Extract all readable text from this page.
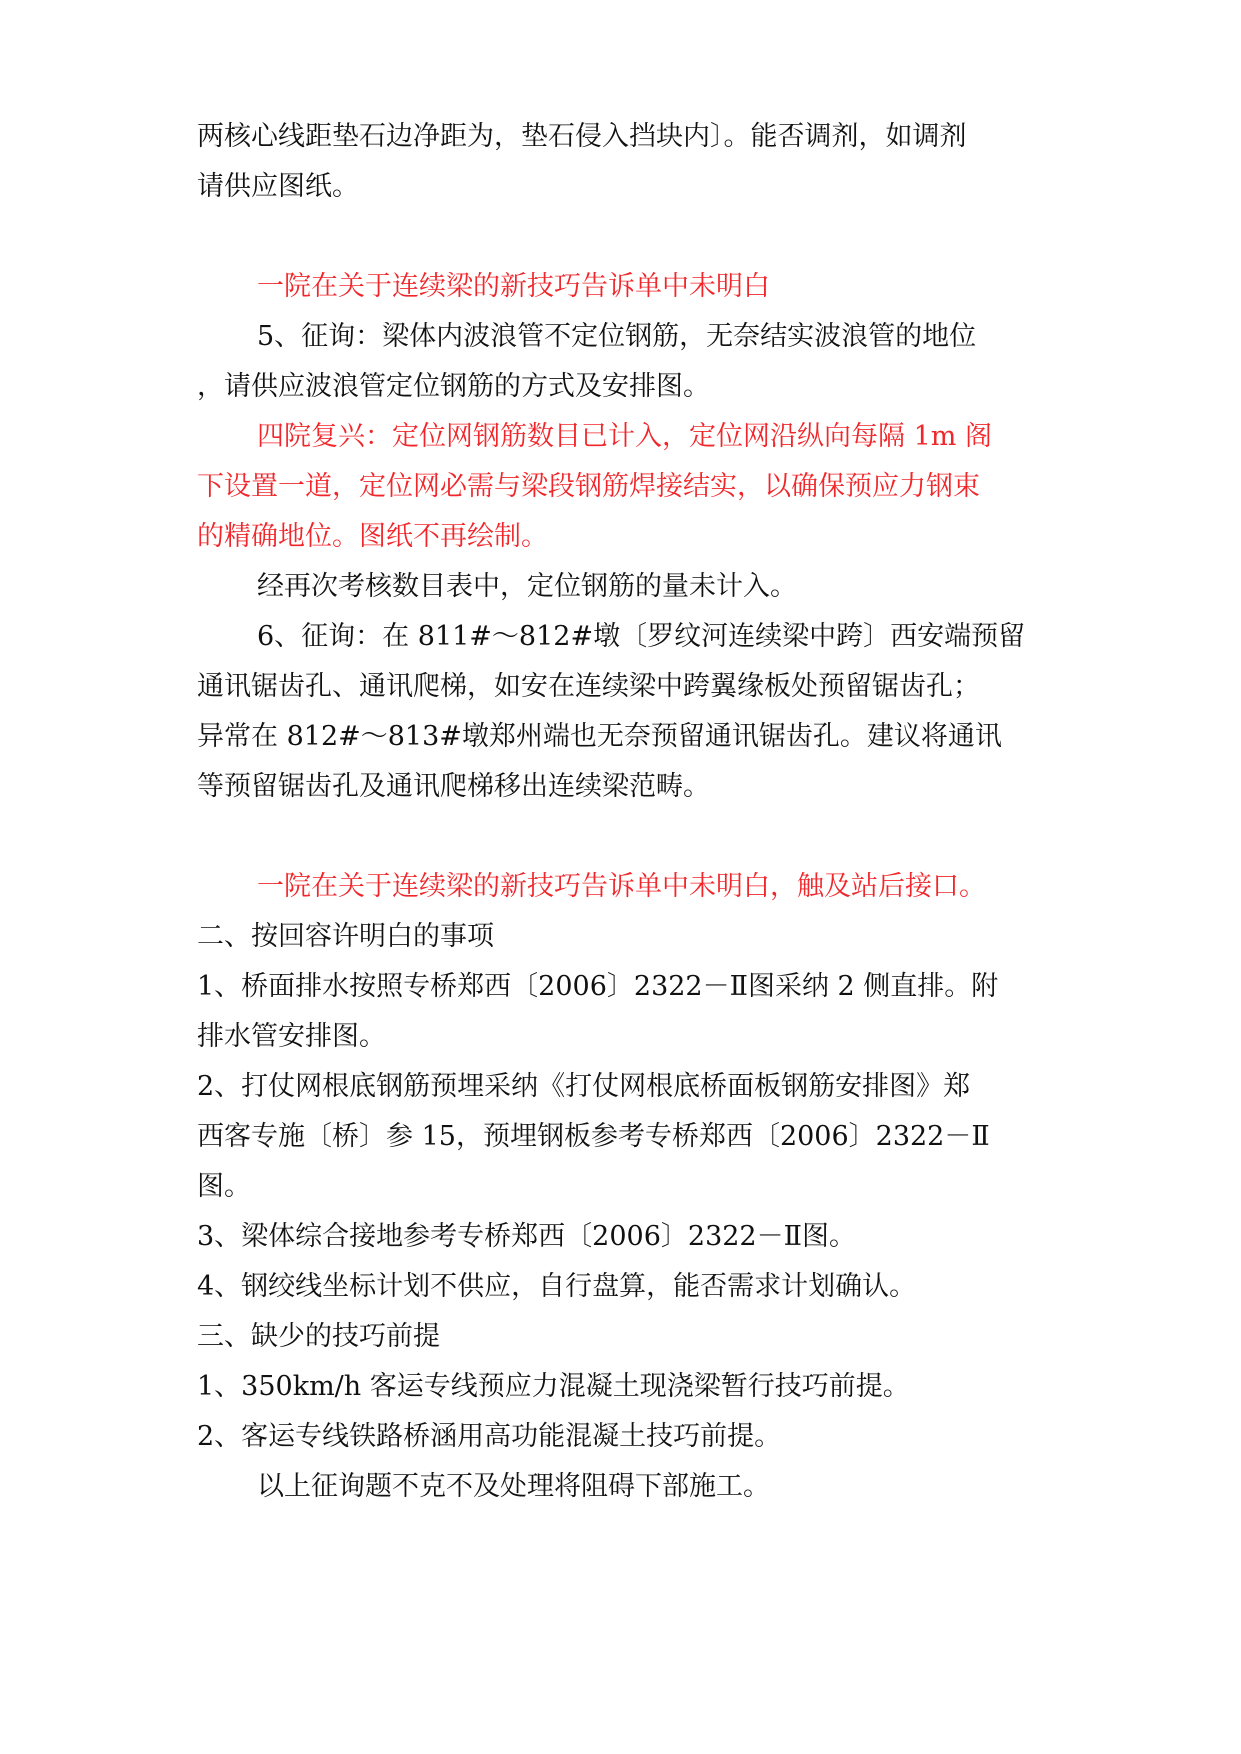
两核心线距垫石边净距为，垫石侵入挡块内〕。能否调剂，如调剂
请供应图纸。
一院在关于连续梁的新技巧告诉单中未明白
5、征询：梁体内波浪管不定位钢筋，无奈结实波浪管的地位
，请供应波浪管定位钢筋的方式及安排图。
四院复兴：定位网钢筋数目已计入，定位网沿纵向每隔 1m 阁
下设置一道，定位网必需与梁段钢筋焊接结实，以确保预应力钢束
的精确地位。图纸不再绘制。
经再次考核数目表中，定位钢筋的量未计入。
6、征询：在 811#～812#墩〔罗纹河连续梁中跨〕西安端预留
通讯锯齿孔、通讯爬梯，如安在连续梁中跨翼缘板处预留锯齿孔；
异常在 812#～813#墩郑州端也无奈预留通讯锯齿孔。建议将通讯
等预留锯齿孔及通讯爬梯移出连续梁范畴。
一院在关于连续梁的新技巧告诉单中未明白，触及站后接口。
二、按回容许明白的事项
1、桥面排水按照专桥郑西〔2006〕2322－Ⅱ图采纳 2 侧直排。附
排水管安排图。
2、打仗网根底钢筋预埋采纳《打仗网根底桥面板钢筋安排图》郑
西客专施〔桥〕参 15，预埋钢板参考专桥郑西〔2006〕2322－Ⅱ
图。
3、梁体综合接地参考专桥郑西〔2006〕2322－Ⅱ图。
4、钢绞线坐标计划不供应，自行盘算，能否需求计划确认。
三、缺少的技巧前提
1、350km/h 客运专线预应力混凝土现浇梁暂行技巧前提。
2、客运专线铁路桥涵用高功能混凝土技巧前提。
以上征询题不克不及处理将阻碍下部施工。
